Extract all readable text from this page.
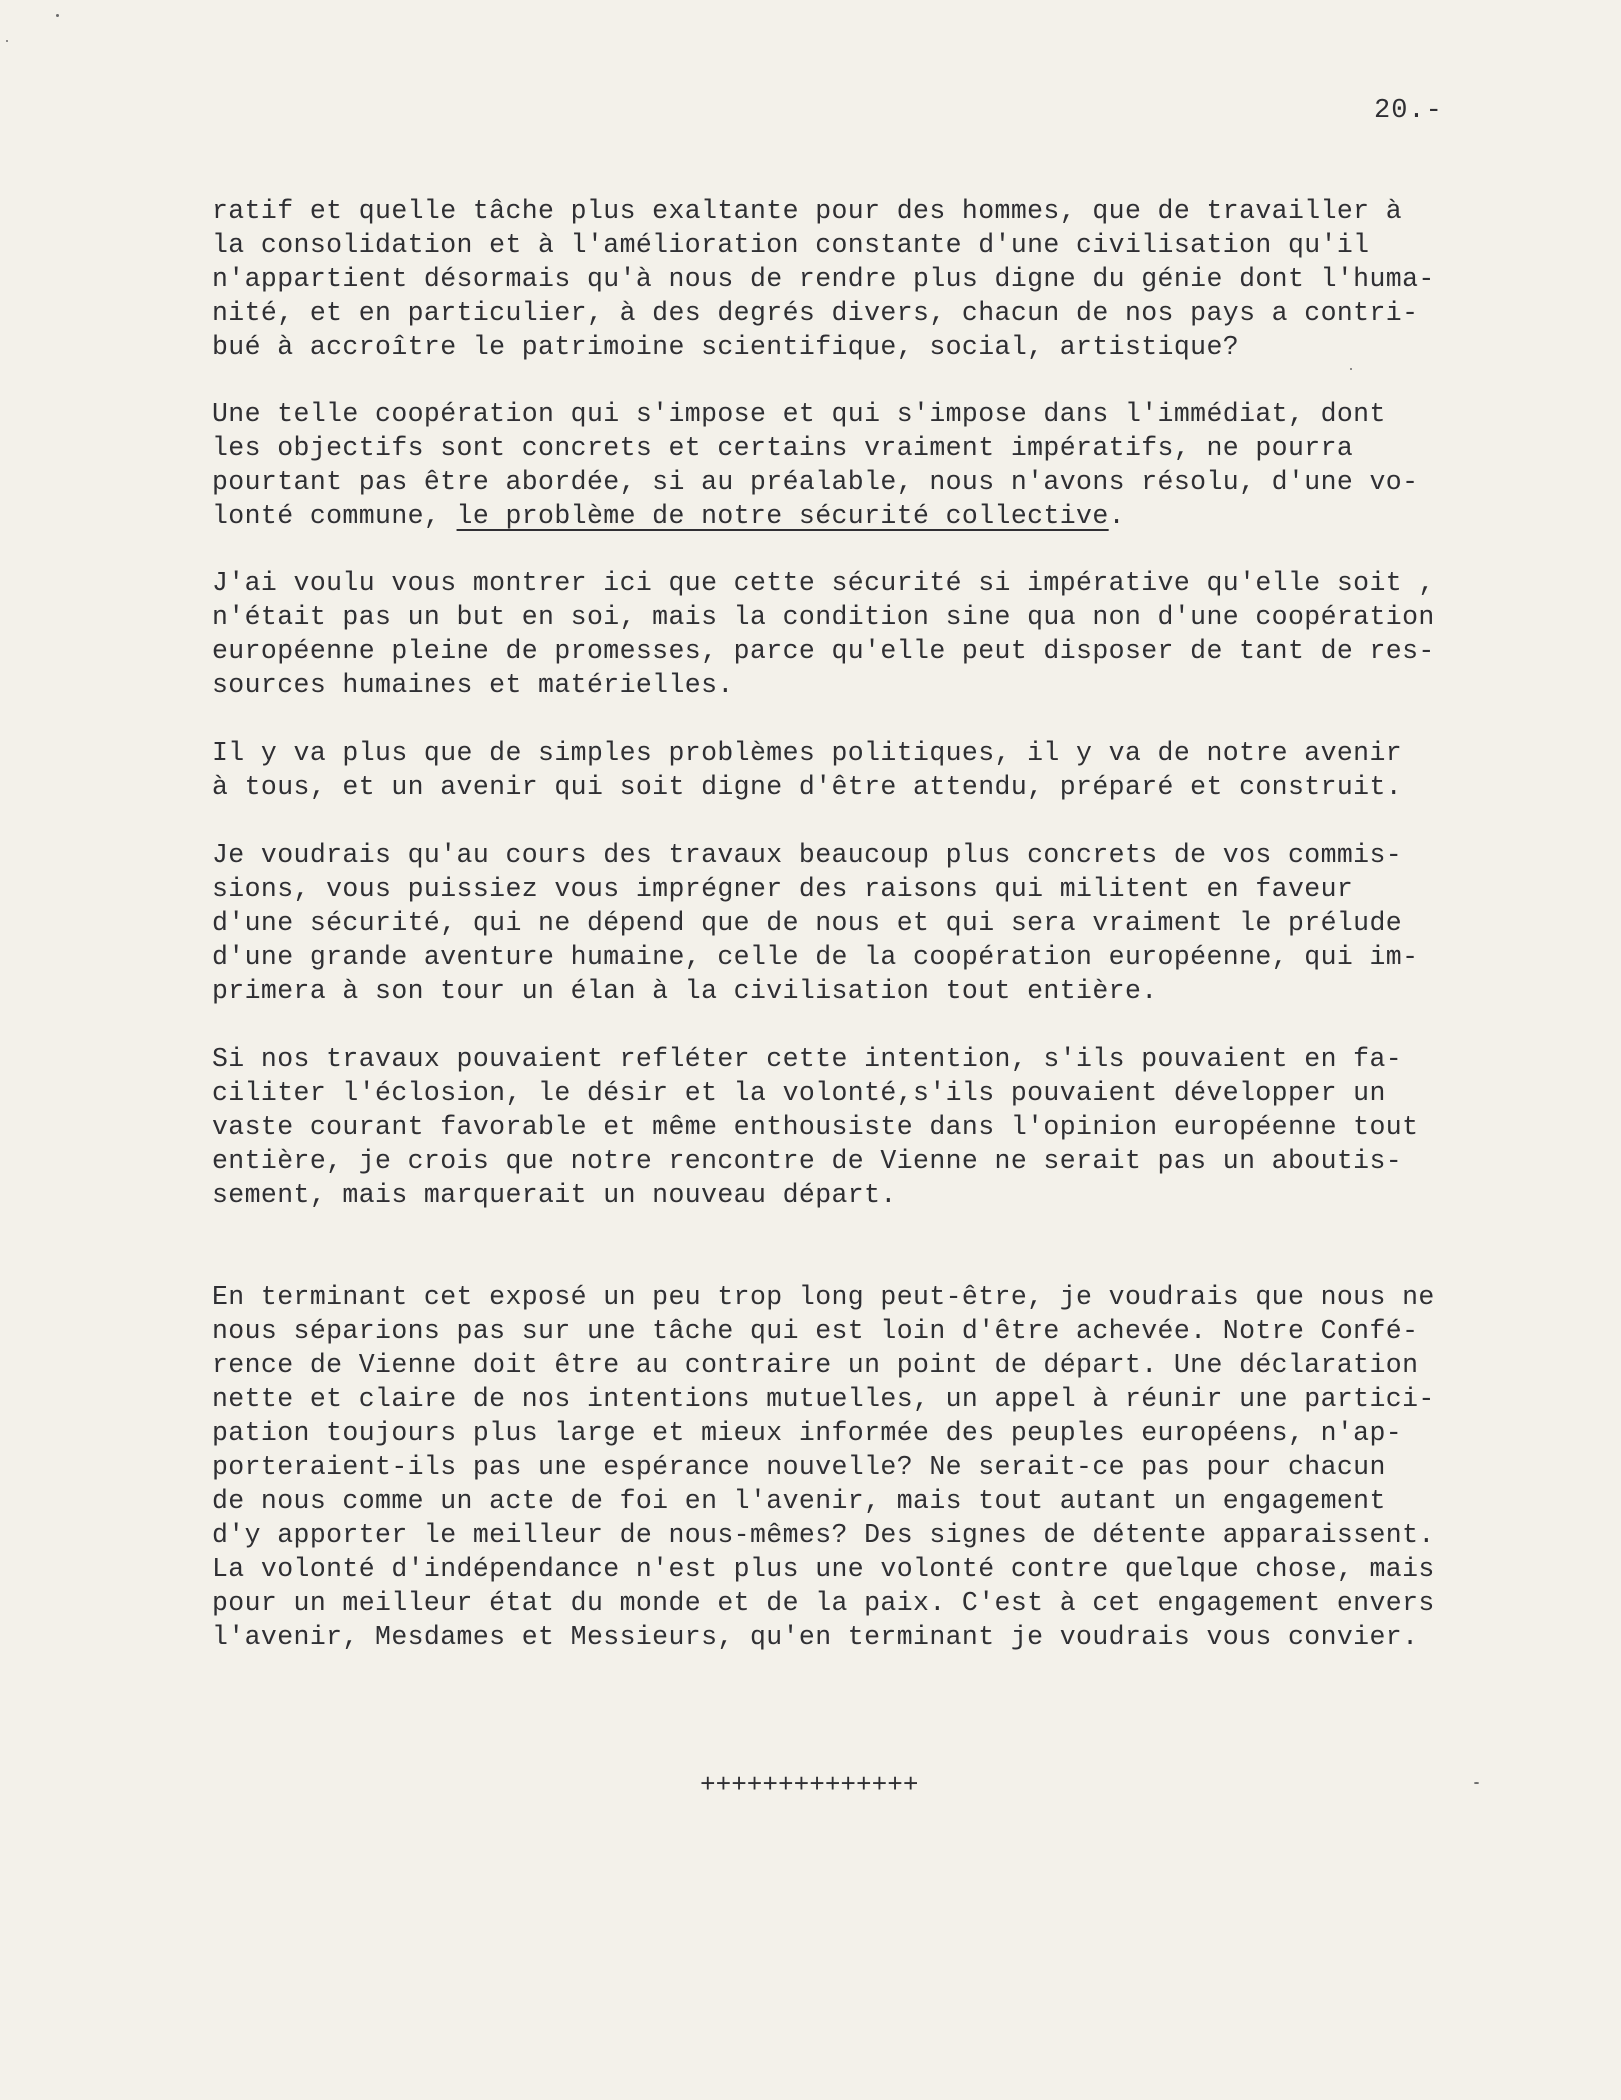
20.-
ratif et quelle tâche plus exaltante pour des hommes, que de travailler à
la consolidation et à l'amélioration constante d'une civilisation qu'il
n'appartient désormais qu'à nous de rendre plus digne du génie dont l'huma-
nité, et en particulier, à des degrés divers, chacun de nos pays a contri-
bué à accroître le patrimoine scientifique, social, artistique?
Une telle coopération qui s'impose et qui s'impose dans l'immédiat, dont
les objectifs sont concrets et certains vraiment impératifs, ne pourra
pourtant pas être abordée, si au préalable, nous n'avons résolu, d'une vo-
lonté commune, le problème de notre sécurité collective.
J'ai voulu vous montrer ici que cette sécurité si impérative qu'elle soit ,
n'était pas un but en soi, mais la condition sine qua non d'une coopération
européenne pleine de promesses, parce qu'elle peut disposer de tant de res-
sources humaines et matérielles.
Il y va plus que de simples problèmes politiques, il y va de notre avenir
à tous, et un avenir qui soit digne d'être attendu, préparé et construit.
Je voudrais qu'au cours des travaux beaucoup plus concrets de vos commis-
sions, vous puissiez vous imprégner des raisons qui militent en faveur
d'une sécurité, qui ne dépend que de nous et qui sera vraiment le prélude
d'une grande aventure humaine, celle de la coopération européenne, qui im-
primera à son tour un élan à la civilisation tout entière.
Si nos travaux pouvaient refléter cette intention, s'ils pouvaient en fa-
ciliter l'éclosion, le désir et la volonté,s'ils pouvaient développer un
vaste courant favorable et même enthousiste dans l'opinion européenne tout
entière, je crois que notre rencontre de Vienne ne serait pas un aboutis-
sement, mais marquerait un nouveau départ.
En terminant cet exposé un peu trop long peut-être, je voudrais que nous ne
nous séparions pas sur une tâche qui est loin d'être achevée. Notre Confé-
rence de Vienne doit être au contraire un point de départ. Une déclaration
nette et claire de nos intentions mutuelles, un appel à réunir une partici-
pation toujours plus large et mieux informée des peuples européens, n'ap-
porteraient-ils pas une espérance nouvelle? Ne serait-ce pas pour chacun
de nous comme un acte de foi en l'avenir, mais tout autant un engagement
d'y apporter le meilleur de nous-mêmes? Des signes de détente apparaissent.
La volonté d'indépendance n'est plus une volonté contre quelque chose, mais
pour un meilleur état du monde et de la paix. C'est à cet engagement envers
l'avenir, Mesdames et Messieurs, qu'en terminant je voudrais vous convier.
++++++++++++++
